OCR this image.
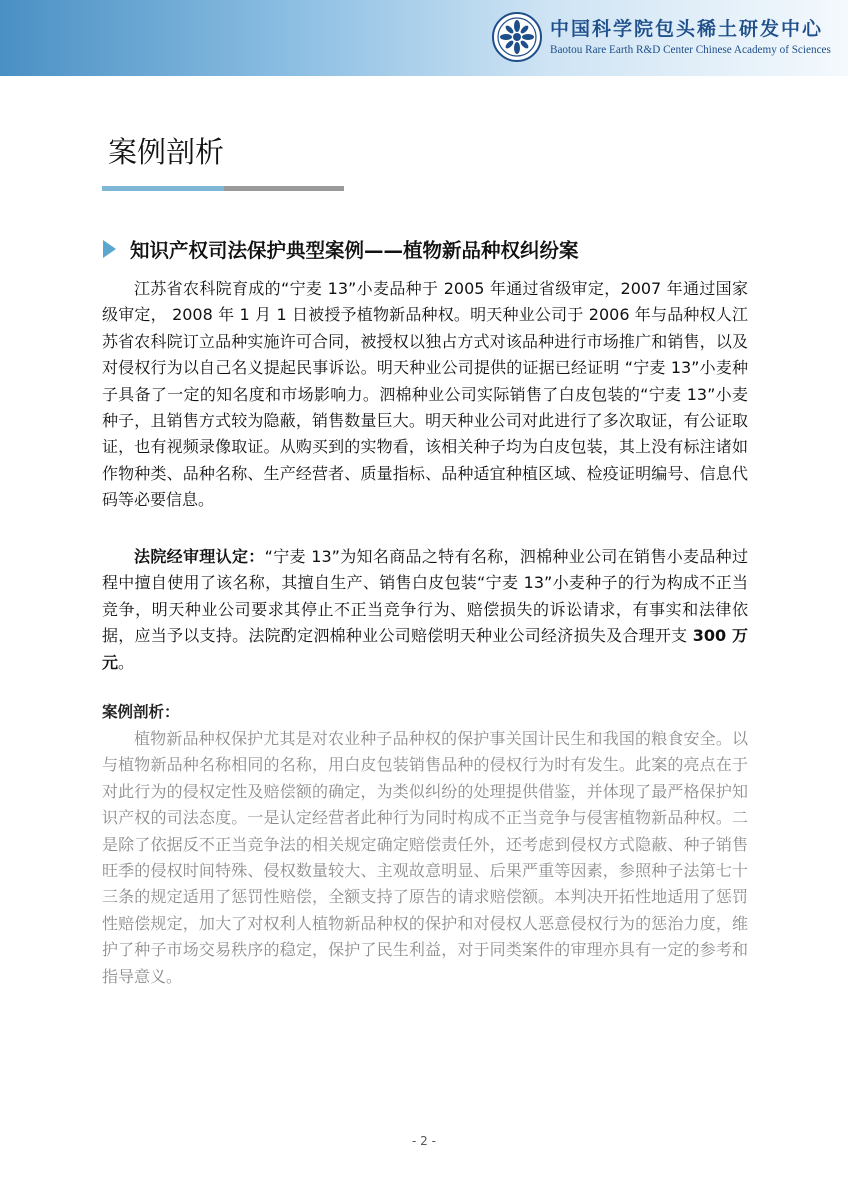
中国科学院包头稀土研发中心
Baotou Rare Earth R&D Center Chinese Academy of Sciences
案例剖析
知识产权司法保护典型案例——植物新品种权纠纷案

江苏省农科院育成的“宁麦 13”小麦品种于 2005 年通过省级审定，2007 年通过国家级审定， 2008 年 1 月 1 日被授予植物新品种权。明天种业公司于 2006 年与品种权人江苏省农科院订立品种实施许可合同，被授权以独占方式对该品种进行市场推广和销售，以及对侵权行为以自己名义提起民事诉讼。明天种业公司提供的证据已经证明 “宁麦 13”小麦种子具备了一定的知名度和市场影响力。泗棉种业公司实际销售了白皮包装的“宁麦 13”小麦种子，且销售方式较为隐蔽，销售数量巨大。明天种业公司对此进行了多次取证，有公证取证，也有视频录像取证。从购买到的实物看，该相关种子均为白皮包装，其上没有标注诸如作物种类、品种名称、生产经营者、质量指标、品种适宜种植区域、检疫证明编号、信息代码等必要信息。

法院经审理认定：“宁麦 13”为知名商品之特有名称，泗棉种业公司在销售小麦品种过程中擅自使用了该名称，其擅自生产、销售白皮包装“宁麦 13”小麦种子的行为构成不正当竞争，明天种业公司要求其停止不正当竞争行为、赔偿损失的诉讼请求，有事实和法律依据，应当予以支持。法院酌定泗棉种业公司赔偿明天种业公司经济损失及合理开支 300 万元。

案例剖析：

植物新品种权保护尤其是对农业种子品种权的保护事关国计民生和我国的粮食安全。以与植物新品种名称相同的名称，用白皮包装销售品种的侵权行为时有发生。此案的亮点在于对此行为的侵权定性及赔偿额的确定，为类似纠纷的处理提供借鉴，并体现了最严格保护知识产权的司法态度。一是认定经营者此种行为同时构成不正当竞争与侵害植物新品种权。二是除了依据反不正当竞争法的相关规定确定赔偿责任外，还考虑到侵权方式隐蔽、种子销售旺季的侵权时间特殊、侵权数量较大、主观故意明显、后果严重等因素，参照种子法第七十三条的规定适用了惩罚性赔偿，全额支持了原告的请求赔偿额。本判决开拓性地适用了惩罚性赔偿规定，加大了对权利人植物新品种权的保护和对侵权人恶意侵权行为的惩治力度，维护了种子市场交易秩序的稳定，保护了民生利益，对于同类案件的审理亦具有一定的参考和指导意义。

- 2 -
